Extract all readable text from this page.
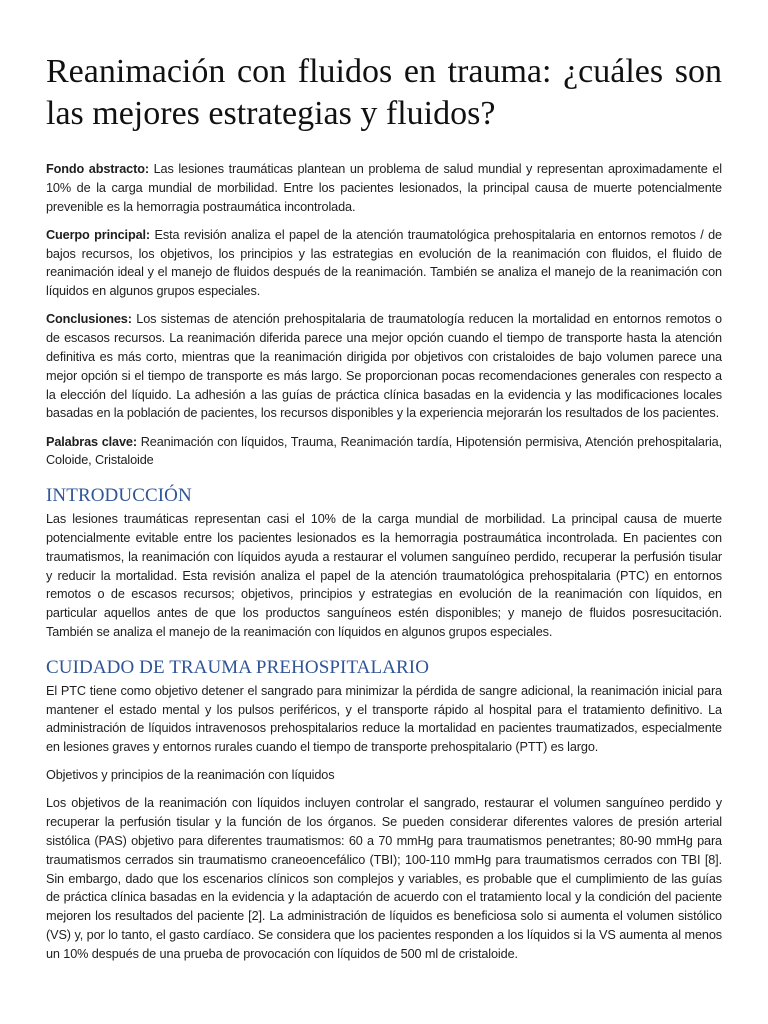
Reanimación con fluidos en trauma: ¿cuáles son las mejores estrategias y fluidos?

Fondo abstracto: Las lesiones traumáticas plantean un problema de salud mundial y representan aproximadamente el 10% de la carga mundial de morbilidad. Entre los pacientes lesionados, la principal causa de muerte potencialmente prevenible es la hemorragia postraumática incontrolada.

Cuerpo principal: Esta revisión analiza el papel de la atención traumatológica prehospitalaria en entornos remotos / de bajos recursos, los objetivos, los principios y las estrategias en evolución de la reanimación con fluidos, el fluido de reanimación ideal y el manejo de fluidos después de la reanimación. También se analiza el manejo de la reanimación con líquidos en algunos grupos especiales.

Conclusiones: Los sistemas de atención prehospitalaria de traumatología reducen la mortalidad en entornos remotos o de escasos recursos. La reanimación diferida parece una mejor opción cuando el tiempo de transporte hasta la atención definitiva es más corto, mientras que la reanimación dirigida por objetivos con cristaloides de bajo volumen parece una mejor opción si el tiempo de transporte es más largo. Se proporcionan pocas recomendaciones generales con respecto a la elección del líquido. La adhesión a las guías de práctica clínica basadas en la evidencia y las modificaciones locales basadas en la población de pacientes, los recursos disponibles y la experiencia mejorarán los resultados de los pacientes.

Palabras clave: Reanimación con líquidos, Trauma, Reanimación tardía, Hipotensión permisiva, Atención prehospitalaria, Coloide, Cristaloide

INTRODUCCIÓN

Las lesiones traumáticas representan casi el 10% de la carga mundial de morbilidad. La principal causa de muerte potencialmente evitable entre los pacientes lesionados es la hemorragia postraumática incontrolada. En pacientes con traumatismos, la reanimación con líquidos ayuda a restaurar el volumen sanguíneo perdido, recuperar la perfusión tisular y reducir la mortalidad. Esta revisión analiza el papel de la atención traumatológica prehospitalaria (PTC) en entornos remotos o de escasos recursos; objetivos, principios y estrategias en evolución de la reanimación con líquidos, en particular aquellos antes de que los productos sanguíneos estén disponibles; y manejo de fluidos posresucitación. También se analiza el manejo de la reanimación con líquidos en algunos grupos especiales.

CUIDADO DE TRAUMA PREHOSPITALARIO

El PTC tiene como objetivo detener el sangrado para minimizar la pérdida de sangre adicional, la reanimación inicial para mantener el estado mental y los pulsos periféricos, y el transporte rápido al hospital para el tratamiento definitivo. La administración de líquidos intravenosos prehospitalarios reduce la mortalidad en pacientes traumatizados, especialmente en lesiones graves y entornos rurales cuando el tiempo de transporte prehospitalario (PTT) es largo.

Objetivos y principios de la reanimación con líquidos

Los objetivos de la reanimación con líquidos incluyen controlar el sangrado, restaurar el volumen sanguíneo perdido y recuperar la perfusión tisular y la función de los órganos. Se pueden considerar diferentes valores de presión arterial sistólica (PAS) objetivo para diferentes traumatismos: 60 a 70 mmHg para traumatismos penetrantes; 80-90 mmHg para traumatismos cerrados sin traumatismo craneoencefálico (TBI); 100-110 mmHg para traumatismos cerrados con TBI [8]. Sin embargo, dado que los escenarios clínicos son complejos y variables, es probable que el cumplimiento de las guías de práctica clínica basadas en la evidencia y la adaptación de acuerdo con el tratamiento local y la condición del paciente mejoren los resultados del paciente [2]. La administración de líquidos es beneficiosa solo si aumenta el volumen sistólico (VS) y, por lo tanto, el gasto cardíaco. Se considera que los pacientes responden a los líquidos si la VS aumenta al menos un 10% después de una prueba de provocación con líquidos de 500 ml de cristaloide.
